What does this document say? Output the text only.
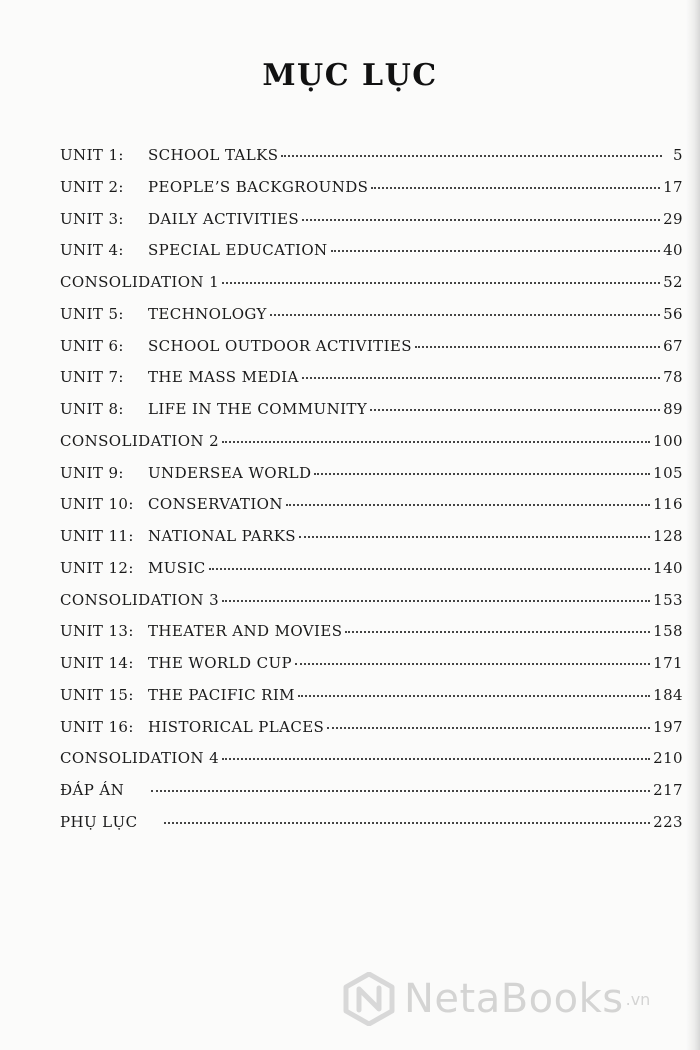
MỤC LỤC
UNIT 1:	SCHOOL TALKS	5
UNIT 2:	PEOPLE’S BACKGROUNDS	17
UNIT 3:	DAILY ACTIVITIES	29
UNIT 4:	SPECIAL EDUCATION	40
CONSOLIDATION 1	52
UNIT 5:	TECHNOLOGY	56
UNIT 6:	SCHOOL OUTDOOR ACTIVITIES	67
UNIT 7:	THE MASS MEDIA	78
UNIT 8:	LIFE IN THE COMMUNITY	89
CONSOLIDATION 2	100
UNIT 9:	UNDERSEA WORLD	105
UNIT 10: CONSERVATION	116
UNIT 11: NATIONAL PARKS	128
UNIT 12: MUSIC	140
CONSOLIDATION 3	153
UNIT 13: THEATER AND MOVIES	158
UNIT 14: THE WORLD CUP	171
UNIT 15: THE PACIFIC RIM	184
UNIT 16: HISTORICAL PLACES	197
CONSOLIDATION 4	210
ĐÁP ÁN	217
PHỤ LỤC	223
NetaBooks .vn
